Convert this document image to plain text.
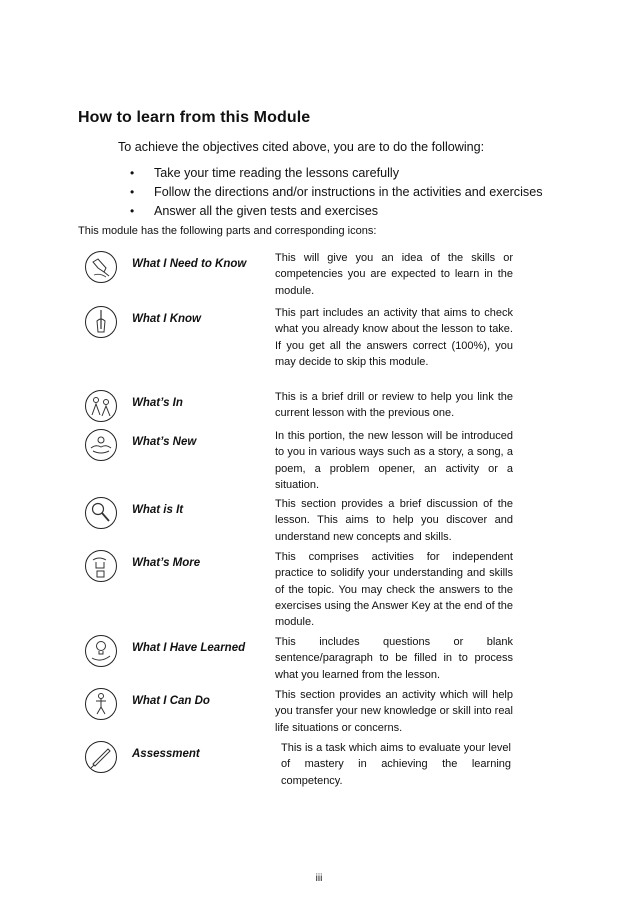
How to learn from this Module
To achieve the objectives cited above, you are to do the following:
• Take your time reading the lessons carefully
• Follow the directions and/or instructions in the activities and exercises
• Answer all the given tests and exercises
This module has the following parts and corresponding icons:
What I Need to Know	This will give you an idea of the skills or competencies you are expected to learn in the module.
What I Know	This part includes an activity that aims to check what you already know about the lesson to take. If you get all the answers correct (100%), you may decide to skip this module.
What’s In	This is a brief drill or review to help you link the current lesson with the previous one.
What’s New	In this portion, the new lesson will be introduced to you in various ways such as a story, a song, a poem, a problem opener, an activity or a situation.
What is It	This section provides a brief discussion of the lesson. This aims to help you discover and understand new concepts and skills.
What’s More	This comprises activities for independent practice to solidify your understanding and skills of the topic. You may check the answers to the exercises using the Answer Key at the end of the module.
What I Have Learned	This includes questions or blank sentence/paragraph to be filled in to process what you learned from the lesson.
What I Can Do	This section provides an activity which will help you transfer your new knowledge or skill into real life situations or concerns.
Assessment	This is a task which aims to evaluate your level of mastery in achieving the learning competency.
iii
